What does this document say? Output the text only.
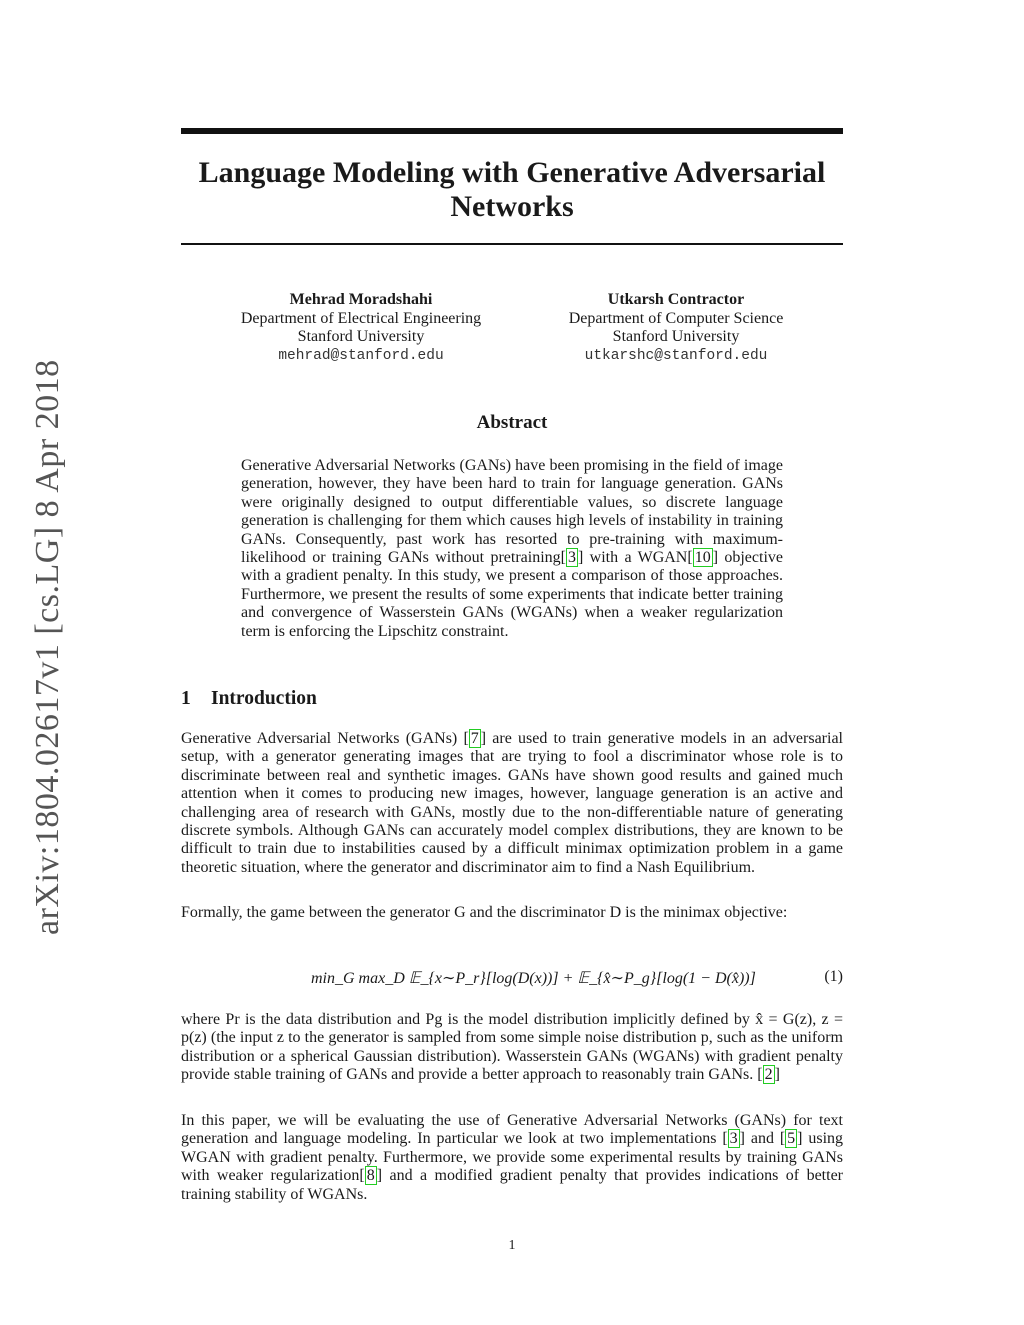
arXiv:1804.02617v1 [cs.LG] 8 Apr 2018
Language Modeling with Generative Adversarial Networks
Mehrad Moradshahi
Department of Electrical Engineering
Stanford University
mehrad@stanford.edu
Utkarsh Contractor
Department of Computer Science
Stanford University
utkarshc@stanford.edu
Abstract

Generative Adversarial Networks (GANs) have been promising in the field of image generation, however, they have been hard to train for language generation. GANs were originally designed to output differentiable values, so discrete language generation is challenging for them which causes high levels of instability in training GANs. Consequently, past work has resorted to pre-training with maximum-likelihood or training GANs without pretraining[ 3 ] with a WGAN[ 10 ] objective with a gradient penalty. In this study, we present a comparison of those approaches. Furthermore, we present the results of some experiments that indicate better training and convergence of Wasserstein GANs (WGANs) when a weaker regularization term is enforcing the Lipschitz constraint.

1 Introduction

Generative Adversarial Networks (GANs) [ 7 ] are used to train generative models in an adversarial setup, with a generator generating images that are trying to fool a discriminator whose role is to discriminate between real and synthetic images. GANs have shown good results and gained much attention when it comes to producing new images, however, language generation is an active and challenging area of research with GANs, mostly due to the non-differentiable nature of generating discrete symbols. Although GANs can accurately model complex distributions, they are known to be difficult to train due to instabilities caused by a difficult minimax optimization problem in a game theoretic situation, where the generator and discriminator aim to find a Nash Equilibrium.

Formally, the game between the generator G and the discriminator D is the minimax objective:

min_G max_D 𝔼_{x∼P_r}[log(D(x))] + 𝔼_{x̂∼P_g}[log(1 − D(x̂))]	(1)

where Pr is the data distribution and Pg is the model distribution implicitly defined by x̂ = G(z), z = p(z) (the input z to the generator is sampled from some simple noise distribution p, such as the uniform distribution or a spherical Gaussian distribution). Wasserstein GANs (WGANs) with gradient penalty provide stable training of GANs and provide a better approach to reasonably train GANs. [ 2 ]

In this paper, we will be evaluating the use of Generative Adversarial Networks (GANs) for text generation and language modeling. In particular we look at two implementations [ 3 ] and [ 5 ] using WGAN with gradient penalty. Furthermore, we provide some experimental results by training GANs with weaker regularization[ 8 ] and a modified gradient penalty that provides indications of better training stability of WGANs.

1
